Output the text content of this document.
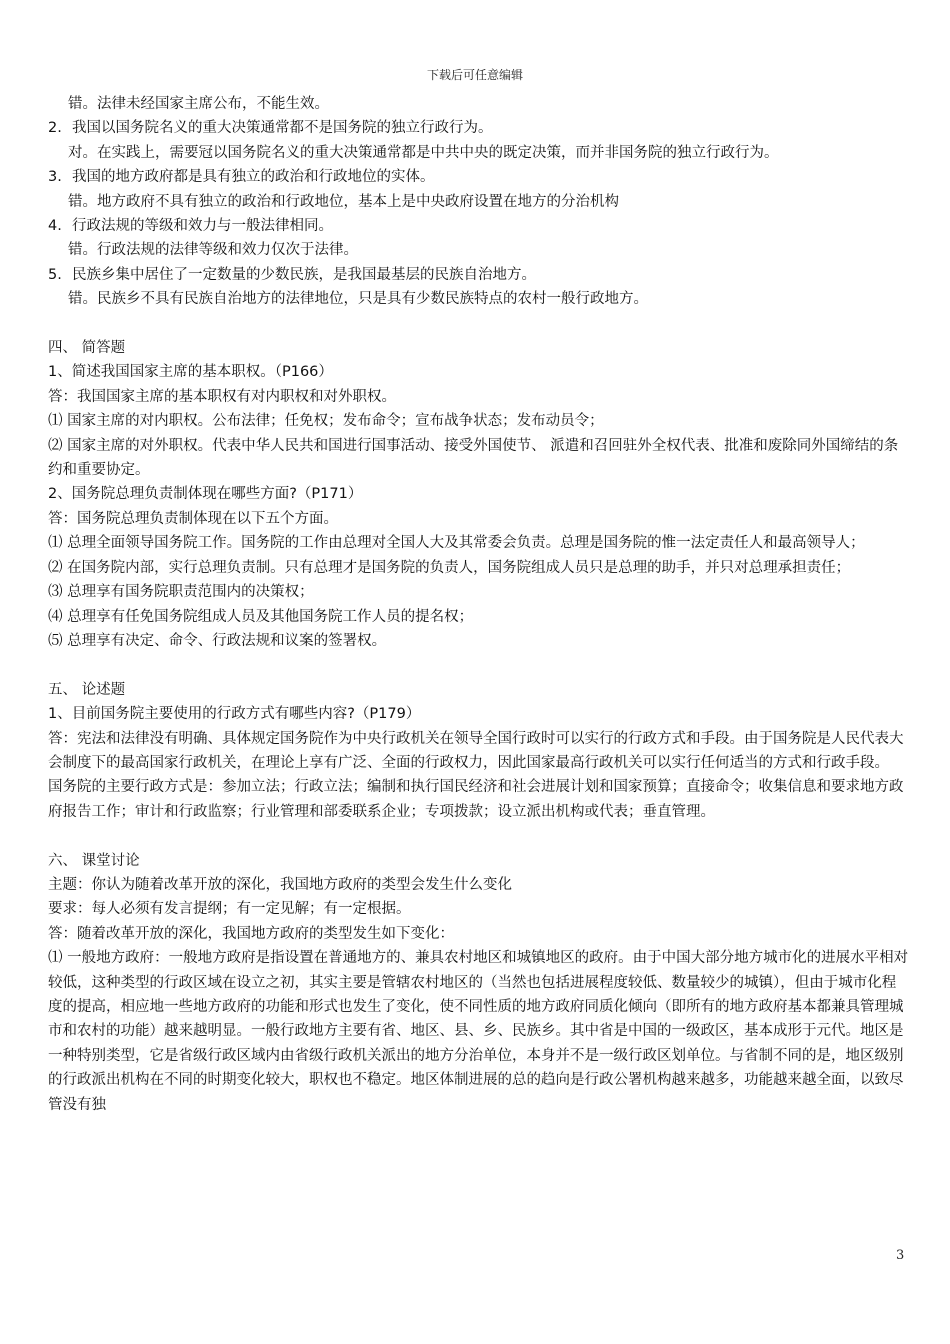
下载后可任意编辑
错。法律未经国家主席公布，不能生效。
2. 我国以国务院名义的重大决策通常都不是国务院的独立行政行为。
对。在实践上，需要冠以国务院名义的重大决策通常都是中共中央的既定决策，而并非国务院的独立行政行为。
3. 我国的地方政府都是具有独立的政治和行政地位的实体。
错。地方政府不具有独立的政治和行政地位，基本上是中央政府设置在地方的分治机构
4. 行政法规的等级和效力与一般法律相同。
错。行政法规的法律等级和效力仅次于法律。
5. 民族乡集中居住了一定数量的少数民族，是我国最基层的民族自治地方。
错。民族乡不具有民族自治地方的法律地位，只是具有少数民族特点的农村一般行政地方。
四、 简答题
1、简述我国国家主席的基本职权。（P166）
答：我国国家主席的基本职权有对内职权和对外职权。
⑴ 国家主席的对内职权。公布法律；任免权；发布命令；宣布战争状态；发布动员令；
⑵ 国家主席的对外职权。代表中华人民共和国进行国事活动、接受外国使节、 派遣和召回驻外全权代表、批准和废除同外国缔结的条约和重要协定。
2、国务院总理负责制体现在哪些方面?（P171）
答：国务院总理负责制体现在以下五个方面。
⑴ 总理全面领导国务院工作。国务院的工作由总理对全国人大及其常委会负责。总理是国务院的惟一法定责任人和最高领导人；
⑵ 在国务院内部，实行总理负责制。只有总理才是国务院的负责人，国务院组成人员只是总理的助手，并只对总理承担责任；
⑶ 总理享有国务院职责范围内的决策权；
⑷ 总理享有任免国务院组成人员及其他国务院工作人员的提名权；
⑸ 总理享有决定、命令、行政法规和议案的签署权。
五、 论述题
1、目前国务院主要使用的行政方式有哪些内容?（P179）
答：宪法和法律没有明确、具体规定国务院作为中央行政机关在领导全国行政时可以实行的行政方式和手段。由于国务院是人民代表大会制度下的最高国家行政机关，在理论上享有广泛、全面的行政权力，因此国家最高行政机关可以实行任何适当的方式和行政手段。
国务院的主要行政方式是：参加立法；行政立法；编制和执行国民经济和社会进展计划和国家预算；直接命令；收集信息和要求地方政府报告工作；审计和行政监察；行业管理和部委联系企业；专项拨款；设立派出机构或代表；垂直管理。
六、 课堂讨论
主题：你认为随着改革开放的深化，我国地方政府的类型会发生什么变化
要求：每人必须有发言提纲；有一定见解；有一定根据。
答：随着改革开放的深化，我国地方政府的类型发生如下变化：
⑴ 一般地方政府：一般地方政府是指设置在普通地方的、兼具农村地区和城镇地区的政府。由于中国大部分地方城市化的进展水平相对较低，这种类型的行政区域在设立之初，其实主要是管辖农村地区的（当然也包括进展程度较低、数量较少的城镇），但由于城市化程度的提高，相应地一些地方政府的功能和形式也发生了变化，使不同性质的地方政府同质化倾向（即所有的地方政府基本都兼具管理城市和农村的功能）越来越明显。一般行政地方主要有省、地区、县、乡、民族乡。其中省是中国的一级政区，基本成形于元代。地区是一种特别类型，它是省级行政区域内由省级行政机关派出的地方分治单位，本身并不是一级行政区划单位。与省制不同的是，地区级别的行政派出机构在不同的时期变化较大，职权也不稳定。地区体制进展的总的趋向是行政公署机构越来越多，功能越来越全面，以致尽管没有独
3
